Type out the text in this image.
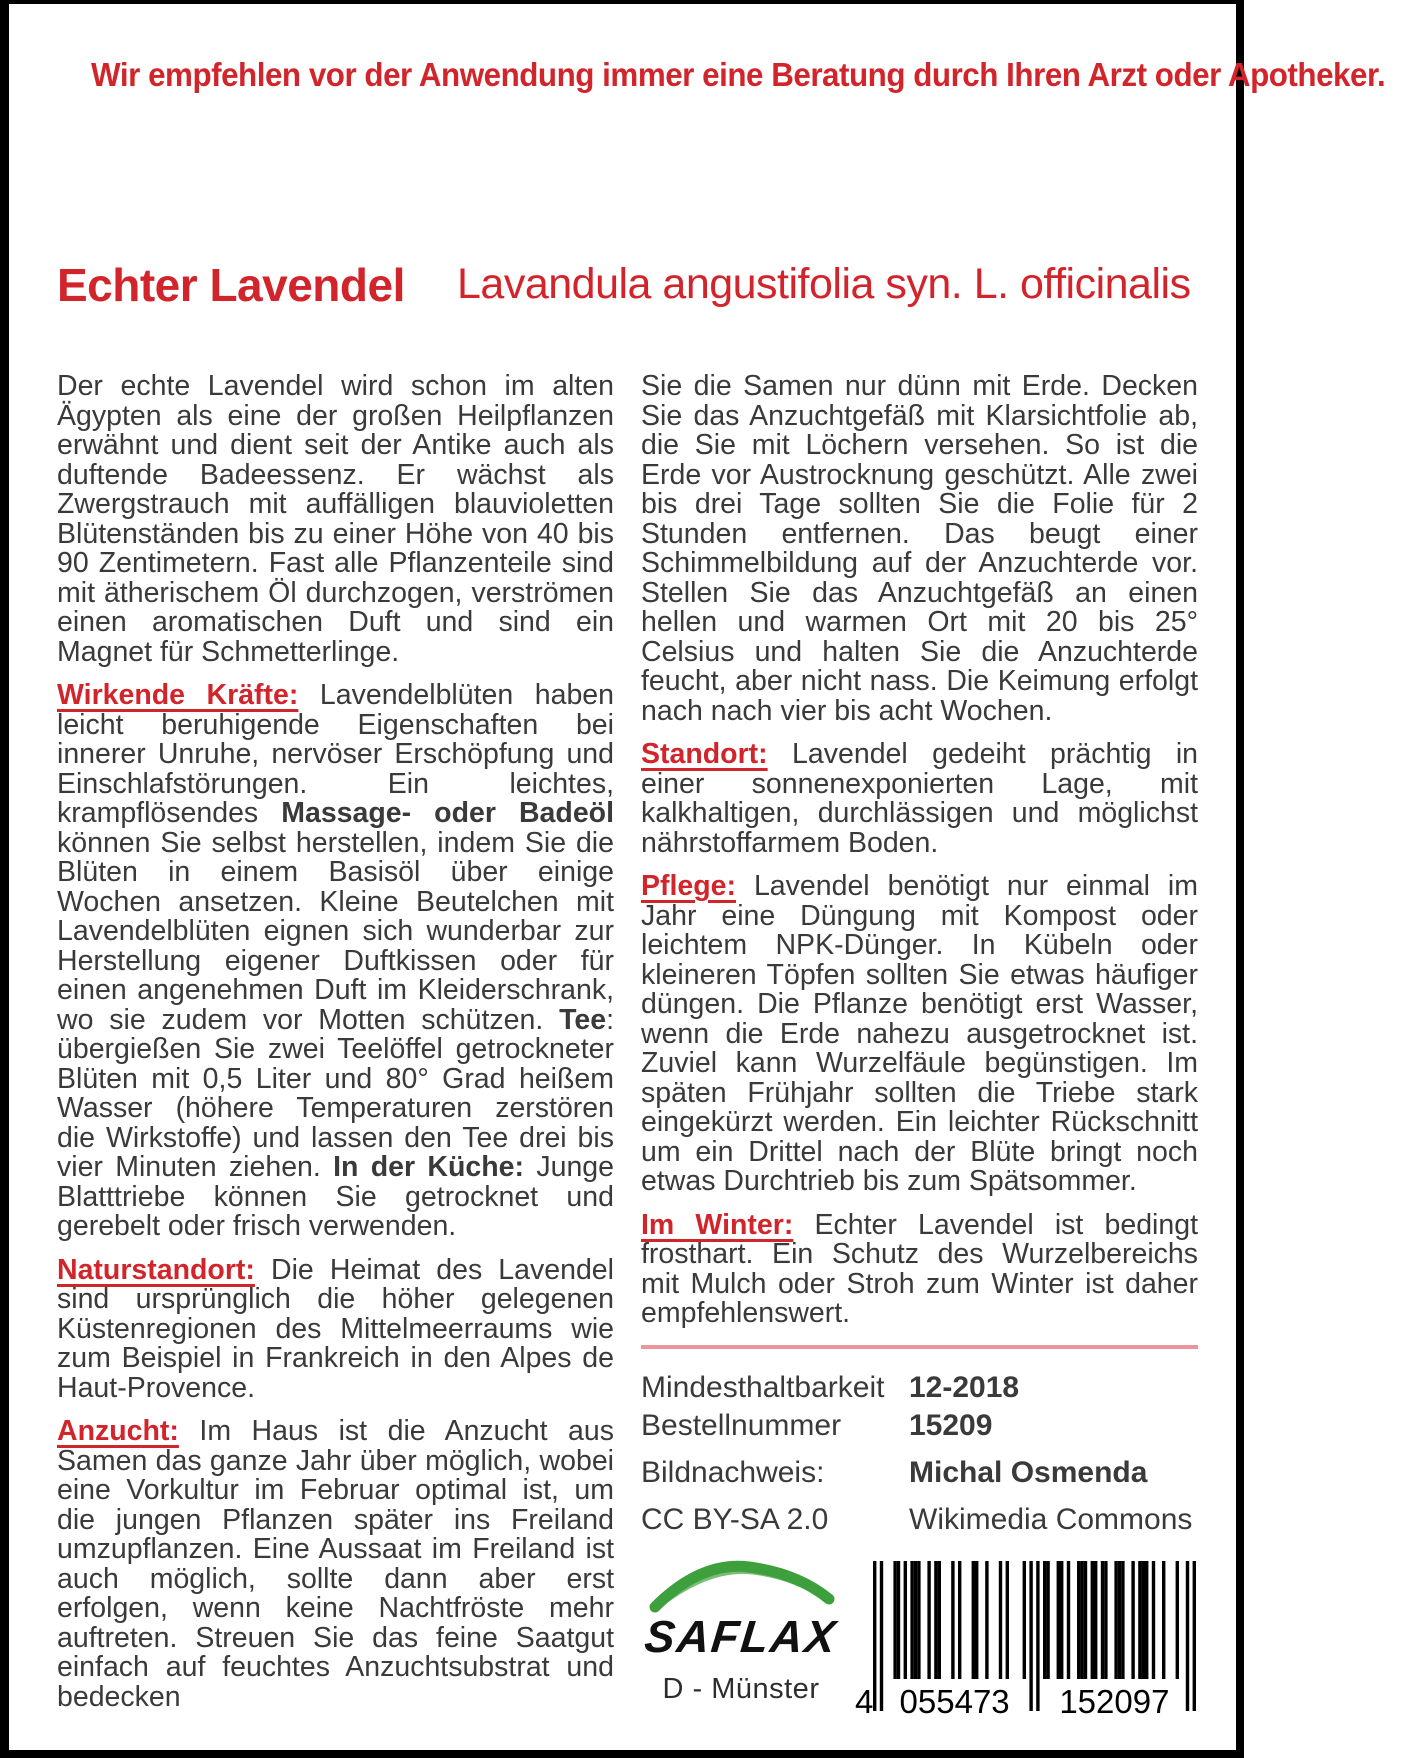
Wir empfehlen vor der Anwendung immer eine Beratung durch Ihren Arzt oder Apotheker.
Echter Lavendel Lavandula angustifolia syn. L. officinalis

Der echte Lavendel wird schon im alten Ägypten als eine der großen Heilpflanzen erwähnt und dient seit der Antike auch als duftende Badeessenz. Er wächst als Zwergstrauch mit auffälligen blauvioletten Blütenständen bis zu einer Höhe von 40 bis 90 Zentimetern. Fast alle Pflanzenteile sind mit ätherischem Öl durchzogen, verströmen einen aromatischen Duft und sind ein Magnet für Schmetterlinge.

Wirkende Kräfte: Lavendelblüten haben leicht beruhigende Eigenschaften bei innerer Unruhe, nervöser Erschöpfung und Einschlafstörungen. Ein leichtes, krampflösendes Massage- oder Badeöl können Sie selbst herstellen, indem Sie die Blüten in einem Basisöl über einige Wochen ansetzen. Kleine Beutelchen mit Lavendelblüten eignen sich wunderbar zur Herstellung eigener Duftkissen oder für einen angenehmen Duft im Kleiderschrank, wo sie zudem vor Motten schützen. Tee: übergießen Sie zwei Teelöffel getrockneter Blüten mit 0,5 Liter und 80° Grad heißem Wasser (höhere Temperaturen zerstören die Wirkstoffe) und lassen den Tee drei bis vier Minuten ziehen. In der Küche: Junge Blatttriebe können Sie getrocknet und gerebelt oder frisch verwenden.

Naturstandort: Die Heimat des Lavendel sind ursprünglich die höher gelegenen Küstenregionen des Mittelmeerraums wie zum Beispiel in Frankreich in den Alpes de Haut-Provence.

Anzucht: Im Haus ist die Anzucht aus Samen das ganze Jahr über möglich, wobei eine Vorkultur im Februar optimal ist, um die jungen Pflanzen später ins Freiland umzupflanzen. Eine Aussaat im Freiland ist auch möglich, sollte dann aber erst erfolgen, wenn keine Nachtfröste mehr auftreten. Streuen Sie das feine Saatgut einfach auf feuchtes Anzuchtsubstrat und bedecken

Sie die Samen nur dünn mit Erde. Decken Sie das Anzuchtgefäß mit Klarsichtfolie ab, die Sie mit Löchern versehen. So ist die Erde vor Austrocknung geschützt. Alle zwei bis drei Tage sollten Sie die Folie für 2 Stunden entfernen. Das beugt einer Schimmelbildung auf der Anzuchterde vor. Stellen Sie das Anzuchtgefäß an einen hellen und warmen Ort mit 20 bis 25° Celsius und halten Sie die Anzuchterde feucht, aber nicht nass. Die Keimung erfolgt nach nach vier bis acht Wochen.

Standort: Lavendel gedeiht prächtig in einer sonnenexponierten Lage, mit kalkhaltigen, durchlässigen und möglichst nährstoffarmem Boden.

Pflege: Lavendel benötigt nur einmal im Jahr eine Düngung mit Kompost oder leichtem NPK-Dünger. In Kübeln oder kleineren Töpfen sollten Sie etwas häufiger düngen. Die Pflanze benötigt erst Wasser, wenn die Erde nahezu ausgetrocknet ist. Zuviel kann Wurzelfäule begünstigen. Im späten Frühjahr sollten die Triebe stark eingekürzt werden. Ein leichter Rückschnitt um ein Drittel nach der Blüte bringt noch etwas Durchtrieb bis zum Spätsommer.

Im Winter: Echter Lavendel ist bedingt frosthart. Ein Schutz des Wurzelbereichs mit Mulch oder Stroh zum Winter ist daher empfehlenswert.

Mindesthaltbarkeit 12-2018
Bestellnummer	15209
Bildnachweis:	Michal Osmenda
CC BY-SA 2.0	Wikimedia Commons
SAFLAX
D - Münster	4 055473 152097
